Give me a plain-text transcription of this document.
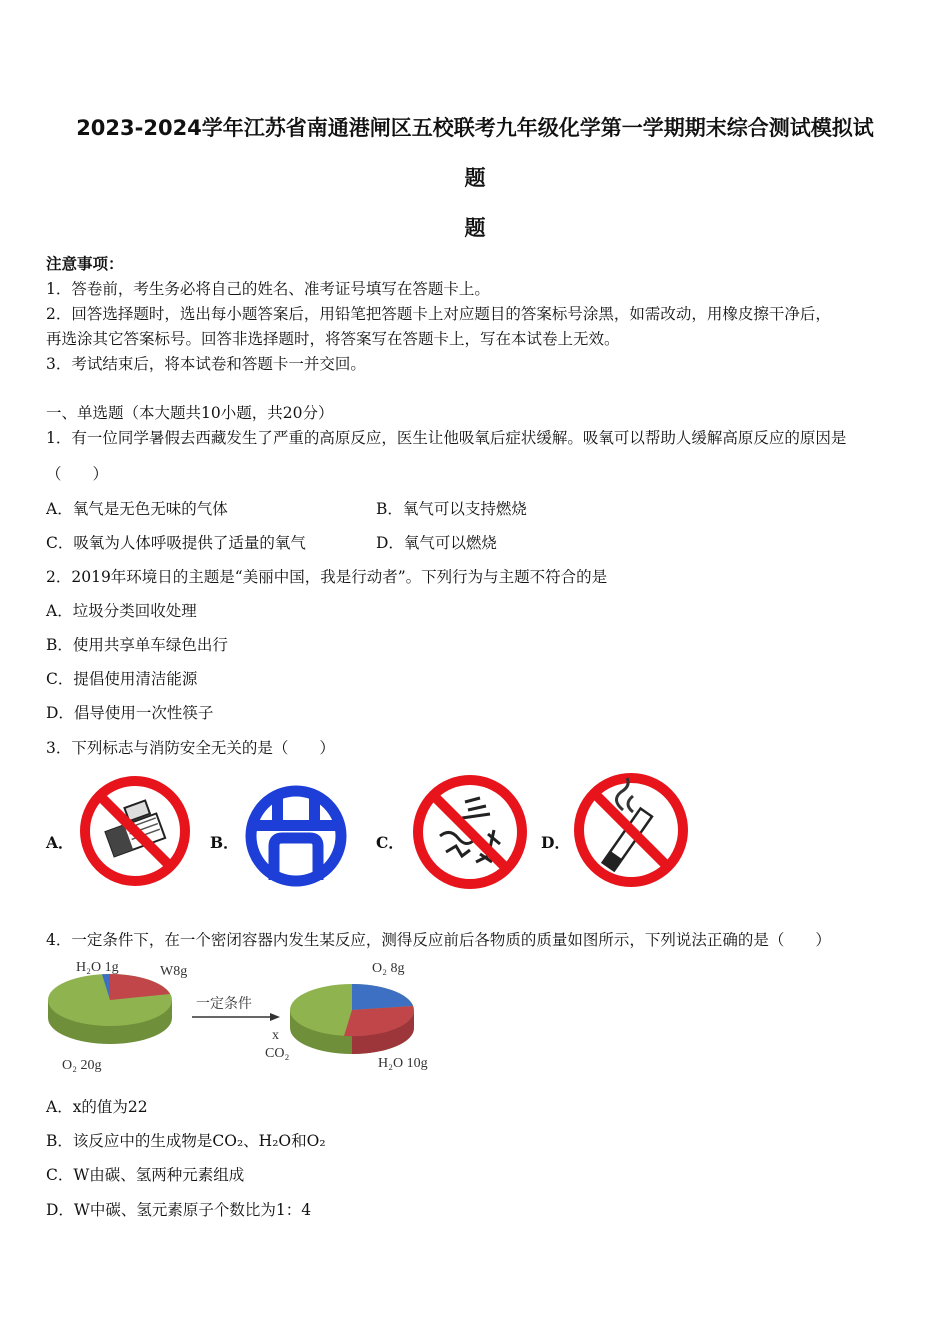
2023-2024学年江苏省南通港闸区五校联考九年级化学第一学期期末综合测试模拟试
题
题
注意事项：
1．答卷前，考生务必将自己的姓名、准考证号填写在答题卡上。
2．回答选择题时，选出每小题答案后，用铅笔把答题卡上对应题目的答案标号涂黑，如需改动，用橡皮擦干净后，
再选涂其它答案标号。回答非选择题时，将答案写在答题卡上，写在本试卷上无效。
3．考试结束后，将本试卷和答题卡一并交回。
一、单选题（本大题共10小题，共20分）
1．有一位同学暑假去西藏发生了严重的高原反应，医生让他吸氧后症状缓解。吸氧可以帮助人缓解高原反应的原因是
（　　）
A．氧气是无色无味的气体	B．氧气可以支持燃烧
C．吸氧为人体呼吸提供了适量的氧气	D．氧气可以燃烧
2．2019年环境日的主题是“美丽中国，我是行动者”。下列行为与主题不符合的是
A．垃圾分类回收处理
B．使用共享单车绿色出行
C．提倡使用清洁能源
D．倡导使用一次性筷子
3．下列标志与消防安全无关的是（　　）
A．	B．	C．	D．
4．一定条件下，在一个密闭容器内发生某反应，测得反应前后各物质的质量如图所示，下列说法正确的是（　　）
H₂O 1g	W8g
O₂ 20g
一定条件
O₂ 8g
x
CO₂
H₂O 10g
A．x的值为22
B．该反应中的生成物是CO₂、H₂O和O₂
C．W由碳、氢两种元素组成
D．W中碳、氢元素原子个数比为1：4
